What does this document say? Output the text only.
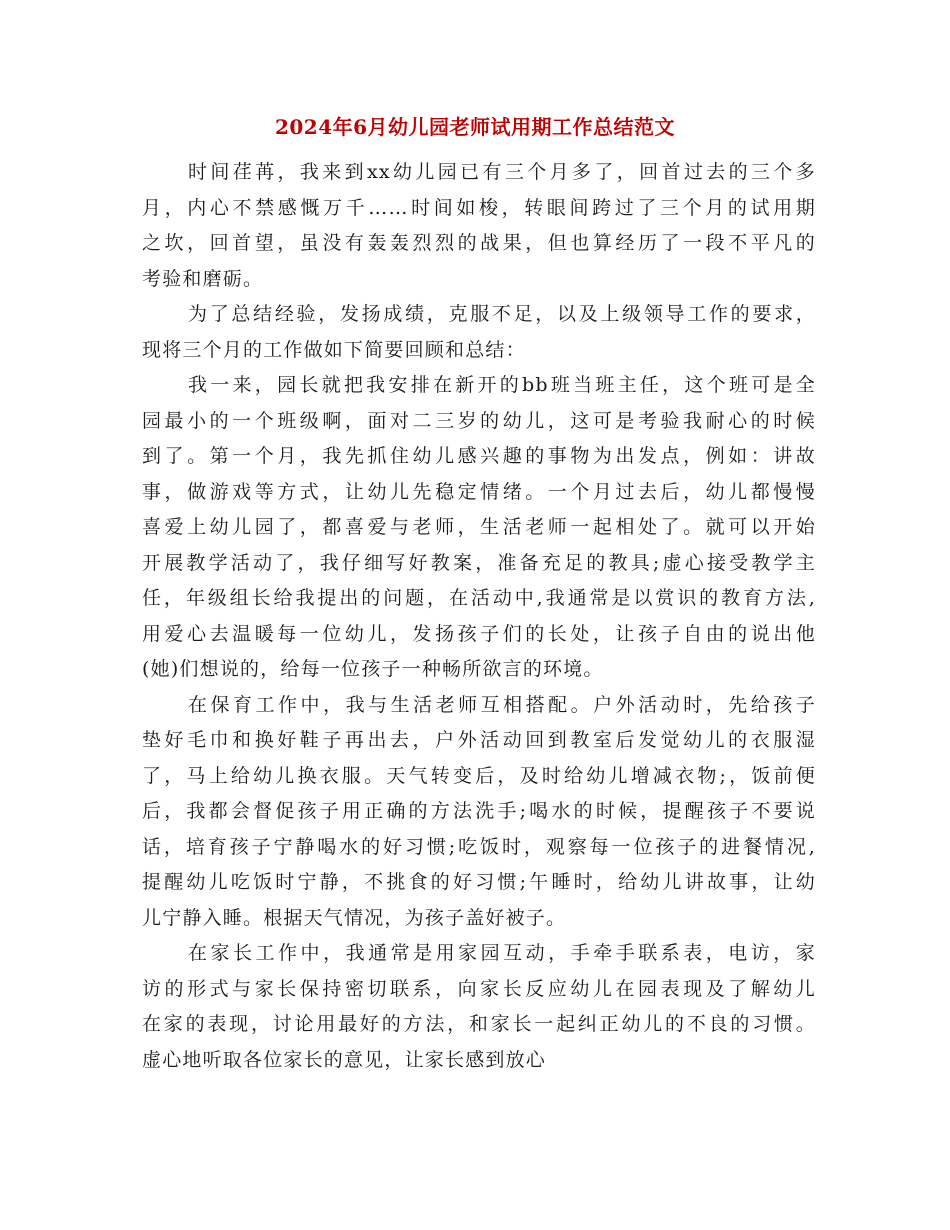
2024年6月幼儿园老师试用期工作总结范文
时间荏苒，我来到xx幼儿园已有三个月多了，回首过去的三个多
月，内心不禁感慨万千……时间如梭，转眼间跨过了三个月的试用期
之坎，回首望，虽没有轰轰烈烈的战果，但也算经历了一段不平凡的
考验和磨砺。
为了总结经验，发扬成绩，克服不足，以及上级领导工作的要求，
现将三个月的工作做如下简要回顾和总结：
我一来，园长就把我安排在新开的bb班当班主任，这个班可是全
园最小的一个班级啊，面对二三岁的幼儿，这可是考验我耐心的时候
到了。第一个月，我先抓住幼儿感兴趣的事物为出发点，例如：讲故
事，做游戏等方式，让幼儿先稳定情绪。一个月过去后，幼儿都慢慢
喜爱上幼儿园了，都喜爱与老师，生活老师一起相处了。就可以开始
开展教学活动了，我仔细写好教案，准备充足的教具;虚心接受教学主
任，年级组长给我提出的问题，在活动中,我通常是以赏识的教育方法,
用爱心去温暖每一位幼儿，发扬孩子们的长处，让孩子自由的说出他
(她)们想说的，给每一位孩子一种畅所欲言的环境。
在保育工作中，我与生活老师互相搭配。户外活动时，先给孩子
垫好毛巾和换好鞋子再出去，户外活动回到教室后发觉幼儿的衣服湿
了，马上给幼儿换衣服。天气转变后，及时给幼儿增减衣物;，饭前便
后，我都会督促孩子用正确的方法洗手;喝水的时候，提醒孩子不要说
话，培育孩子宁静喝水的好习惯;吃饭时，观察每一位孩子的进餐情况,
提醒幼儿吃饭时宁静，不挑食的好习惯;午睡时，给幼儿讲故事，让幼
儿宁静入睡。根据天气情况，为孩子盖好被子。
在家长工作中，我通常是用家园互动，手牵手联系表，电访，家
访的形式与家长保持密切联系，向家长反应幼儿在园表现及了解幼儿
在家的表现，讨论用最好的方法，和家长一起纠正幼儿的不良的习惯。
虚心地听取各位家长的意见，让家长感到放心
